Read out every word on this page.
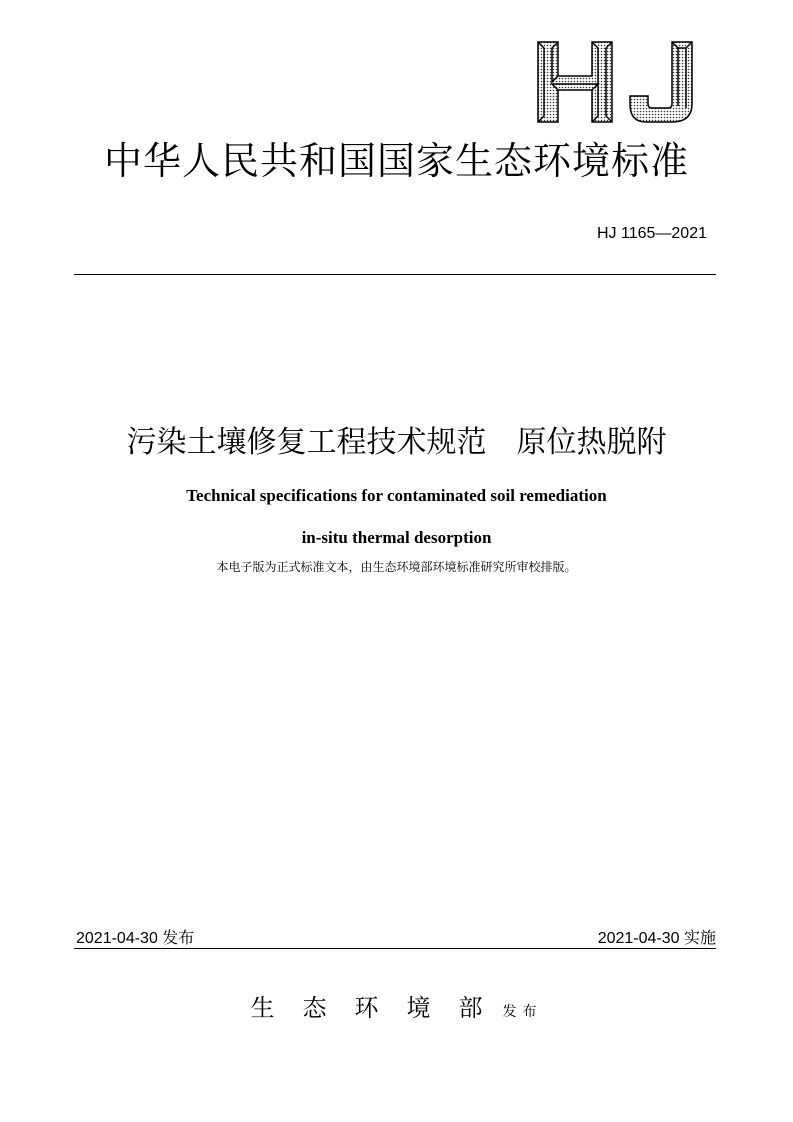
中华人民共和国国家生态环境标准
HJ 1165—2021
污染土壤修复工程技术规范　原位热脱附
Technical specifications for contaminated soil remediation
in-situ thermal desorption
本电子版为正式标准文本，由生态环境部环境标准研究所审校排版。
2021-04-30 发布	2021-04-30 实施
生态环境部发布
